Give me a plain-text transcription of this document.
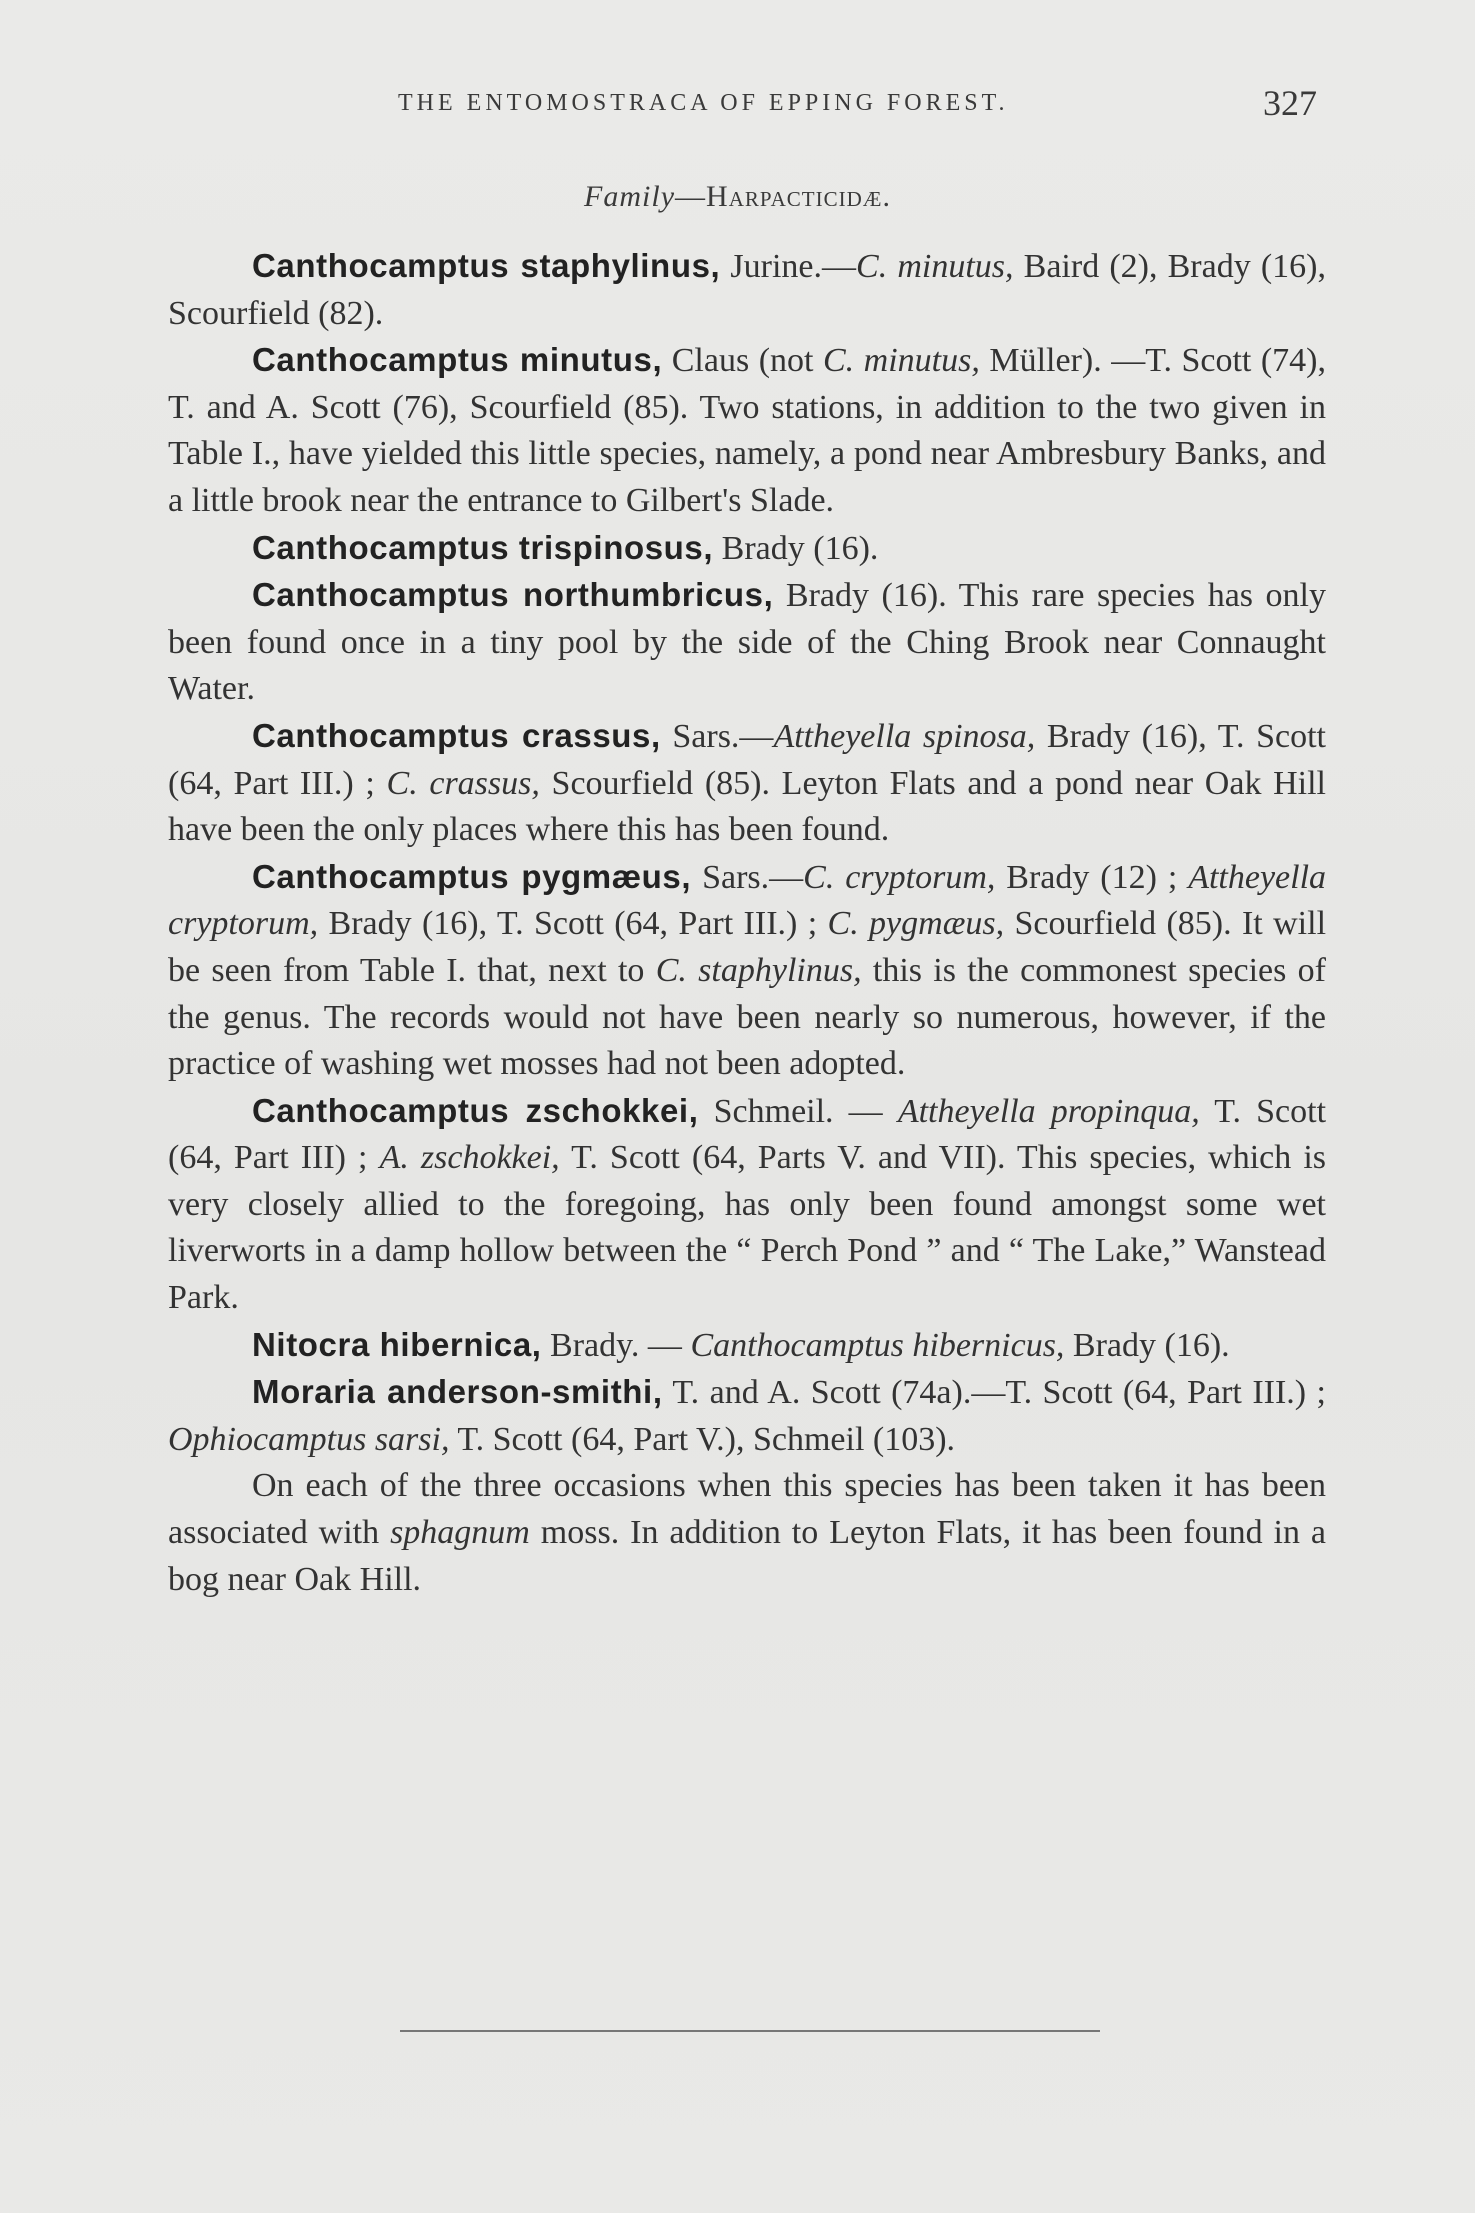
THE ENTOMOSTRACA OF EPPING FOREST.	327
Family—Harpacticidæ.

Canthocamptus staphylinus, Jurine.—C. minutus, Baird (2), Brady (16), Scourfield (82).

Canthocamptus minutus, Claus (not C. minutus, Müller). —T. Scott (74), T. and A. Scott (76), Scourfield (85). Two stations, in addition to the two given in Table I., have yielded this little species, namely, a pond near Ambresbury Banks, and a little brook near the entrance to Gilbert's Slade.

Canthocamptus trispinosus, Brady (16).

Canthocamptus northumbricus, Brady (16). This rare species has only been found once in a tiny pool by the side of the Ching Brook near Connaught Water.

Canthocamptus crassus, Sars.—Attheyella spinosa, Brady (16), T. Scott (64, Part III.) ; C. crassus, Scourfield (85). Leyton Flats and a pond near Oak Hill have been the only places where this has been found.

Canthocamptus pygmæus, Sars.—C. cryptorum, Brady (12) ; Attheyella cryptorum, Brady (16), T. Scott (64, Part III.) ; C. pygmæus, Scourfield (85). It will be seen from Table I. that, next to C. staphylinus, this is the commonest species of the genus. The records would not have been nearly so numerous, however, if the practice of washing wet mosses had not been adopted.

Canthocamptus zschokkei, Schmeil. — Attheyella propinqua, T. Scott (64, Part III) ; A. zschokkei, T. Scott (64, Parts V. and VII). This species, which is very closely allied to the foregoing, has only been found amongst some wet liverworts in a damp hollow between the “ Perch Pond ” and “ The Lake,” Wanstead Park.

Nitocra hibernica, Brady. — Canthocamptus hibernicus, Brady (16).

Moraria anderson-smithi, T. and A. Scott (74a).—T. Scott (64, Part III.) ; Ophiocamptus sarsi, T. Scott (64, Part V.), Schmeil (103).

On each of the three occasions when this species has been taken it has been associated with sphagnum moss. In addition to Leyton Flats, it has been found in a bog near Oak Hill.
